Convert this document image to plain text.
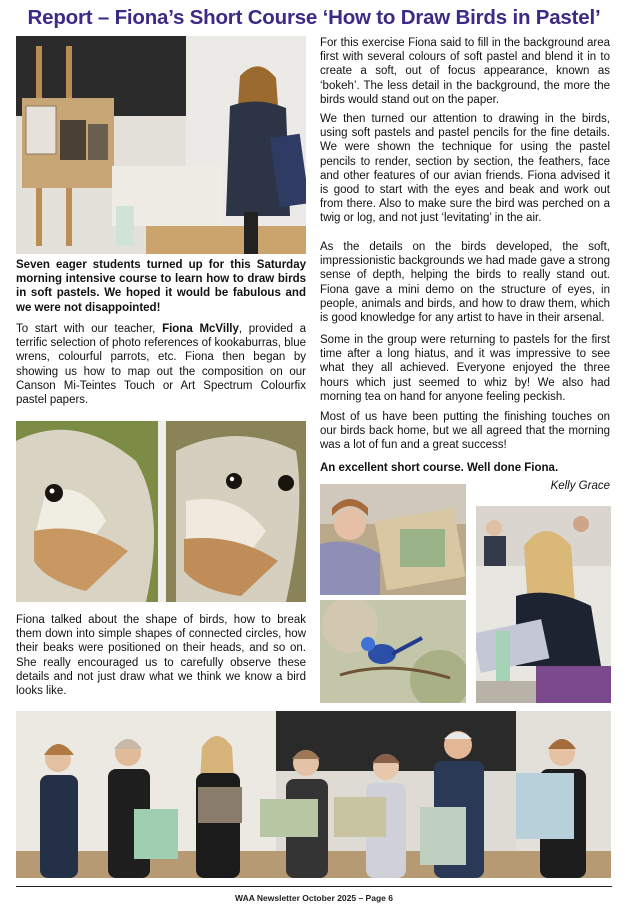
Report – Fiona’s Short Course ‘How to Draw Birds in Pastel’

Seven eager students turned up for this Saturday morning intensive course to learn how to draw birds in soft pastels. We hoped it would be fabulous and we were not disappointed!

To start with our teacher, Fiona McVilly, provided a terrific selection of photo references of kookaburras, blue wrens, colourful parrots, etc. Fiona then began by showing us how to map out the composition on our Canson Mi-Teintes Touch or Art Spectrum Colourfix pastel papers.

Fiona talked about the shape of birds, how to break them down into simple shapes of connected circles, how their beaks were positioned on their heads, and so on. She really encouraged us to carefully observe these details and not just draw what we think we know a bird looks like.

For this exercise Fiona said to fill in the background area first with several colours of soft pastel and blend it in to create a soft, out of focus appearance, known as ‘bokeh’. The less detail in the background, the more the birds would stand out on the paper.

We then turned our attention to drawing in the birds, using soft pastels and pastel pencils for the fine details. We were shown the technique for using the pastel pencils to render, section by section, the feathers, face and other features of our avian friends. Fiona advised it is good to start with the eyes and beak and work out from there. Also to make sure the bird was perched on a twig or log, and not just ‘levitating’ in the air.

As the details on the birds developed, the soft, impressionistic backgrounds we had made gave a strong sense of depth, helping the birds to really stand out. Fiona gave a mini demo on the structure of eyes, in people, animals and birds, and how to draw them, which is good knowledge for any artist to have in their arsenal.

Some in the group were returning to pastels for the first time after a long hiatus, and it was impressive to see what they all achieved. Everyone enjoyed the three hours which just seemed to whiz by! We also had morning tea on hand for anyone feeling peckish.

Most of us have been putting the finishing touches on our birds back home, but we all agreed that the morning was a lot of fun and a great success!

An excellent short course. Well done Fiona.

Kelly Grace

WAA Newsletter October 2025 – Page 6
